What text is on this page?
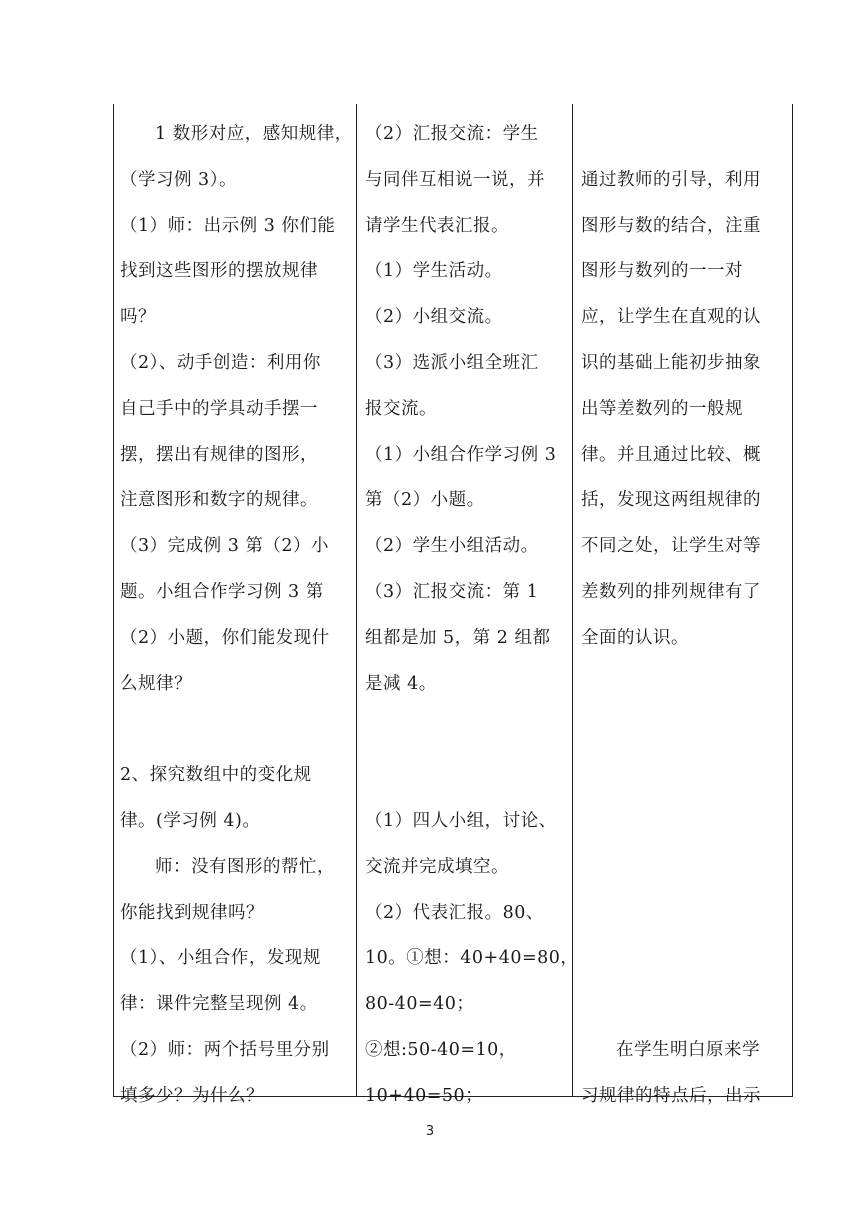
1 数形对应，感知规律，
（学习例 3）。
（1）师：出示例 3 你们能
找到这些图形的摆放规律
吗？
（2）、动手创造：利用你
自己手中的学具动手摆一
摆，摆出有规律的图形，
注意图形和数字的规律。
（3）完成例 3 第（2）小
题。小组合作学习例 3 第
（2）小题，你们能发现什
么规律？
2、探究数组中的变化规
律。(学习例 4)。
师：没有图形的帮忙，
你能找到规律吗？
（1）、小组合作，发现规
律：课件完整呈现例 4。
（2）师：两个括号里分别
填多少？为什么？
（2）汇报交流：学生
与同伴互相说一说，并
请学生代表汇报。
（1）学生活动。
（2）小组交流。
（3）选派小组全班汇
报交流。
（1）小组合作学习例 3
第（2）小题。
（2）学生小组活动。
（3）汇报交流：第 1
组都是加 5，第 2 组都
是减 4。
（1）四人小组，讨论、
交流并完成填空。
（2）代表汇报。80、
10。①想：40+40=80，
80-40=40；
②想:50-40=10，
10+40=50；
通过教师的引导，利用
图形与数的结合，注重
图形与数列的一一对
应，让学生在直观的认
识的基础上能初步抽象
出等差数列的一般规
律。并且通过比较、概
括，发现这两组规律的
不同之处，让学生对等
差数列的排列规律有了
全面的认识。
在学生明白原来学
习规律的特点后，出示
3
